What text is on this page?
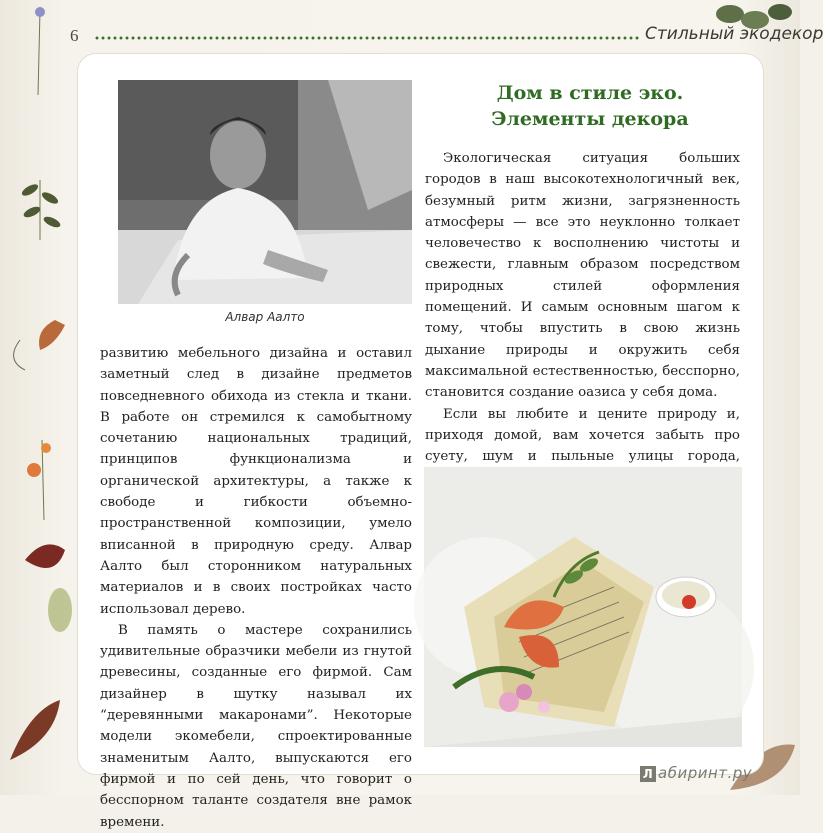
6	Стильный экодекор
Алвар Аалто

развитию мебельного дизайна и оставил заметный след в дизайне предметов повседневного обихода из стекла и ткани. В работе он стремился к самобытному сочетанию национальных традиций, принципов функционализма и органической архитектуры, а также к свободе и гибкости объемно-пространственной композиции, умело вписанной в природную среду. Алвар Аалто был сторонником натуральных материалов и в своих постройках часто использовал дерево.

В память о мастере сохранились удивительные образчики мебели из гнутой древесины, созданные его фирмой. Сам дизайнер в шутку называл их “деревянными макаронами”. Некоторые модели экомебели, спроектированные знаменитым Аалто, выпускаются его фирмой и по сей день, что говорит о бесспорном таланте создателя вне рамок времени.

Дом в стиле эко.
Элементы декора

Экологическая ситуация больших городов в наш высокотехнологичный век, безумный ритм жизни, загрязненность атмосферы — все это неуклонно толкает человечество к восполнению чистоты и свежести, главным образом посредством природных стилей оформления помещений. И самым основным шагом к тому, чтобы впустить в свою жизнь дыхание природы и окружить себя максимальной естественностью, бесспорно, становится создание оазиса у себя дома.

Если вы любите и цените природу и, приходя домой, вам хочется забыть про суету, шум и пыльные улицы города,

Л абиринт.ру
